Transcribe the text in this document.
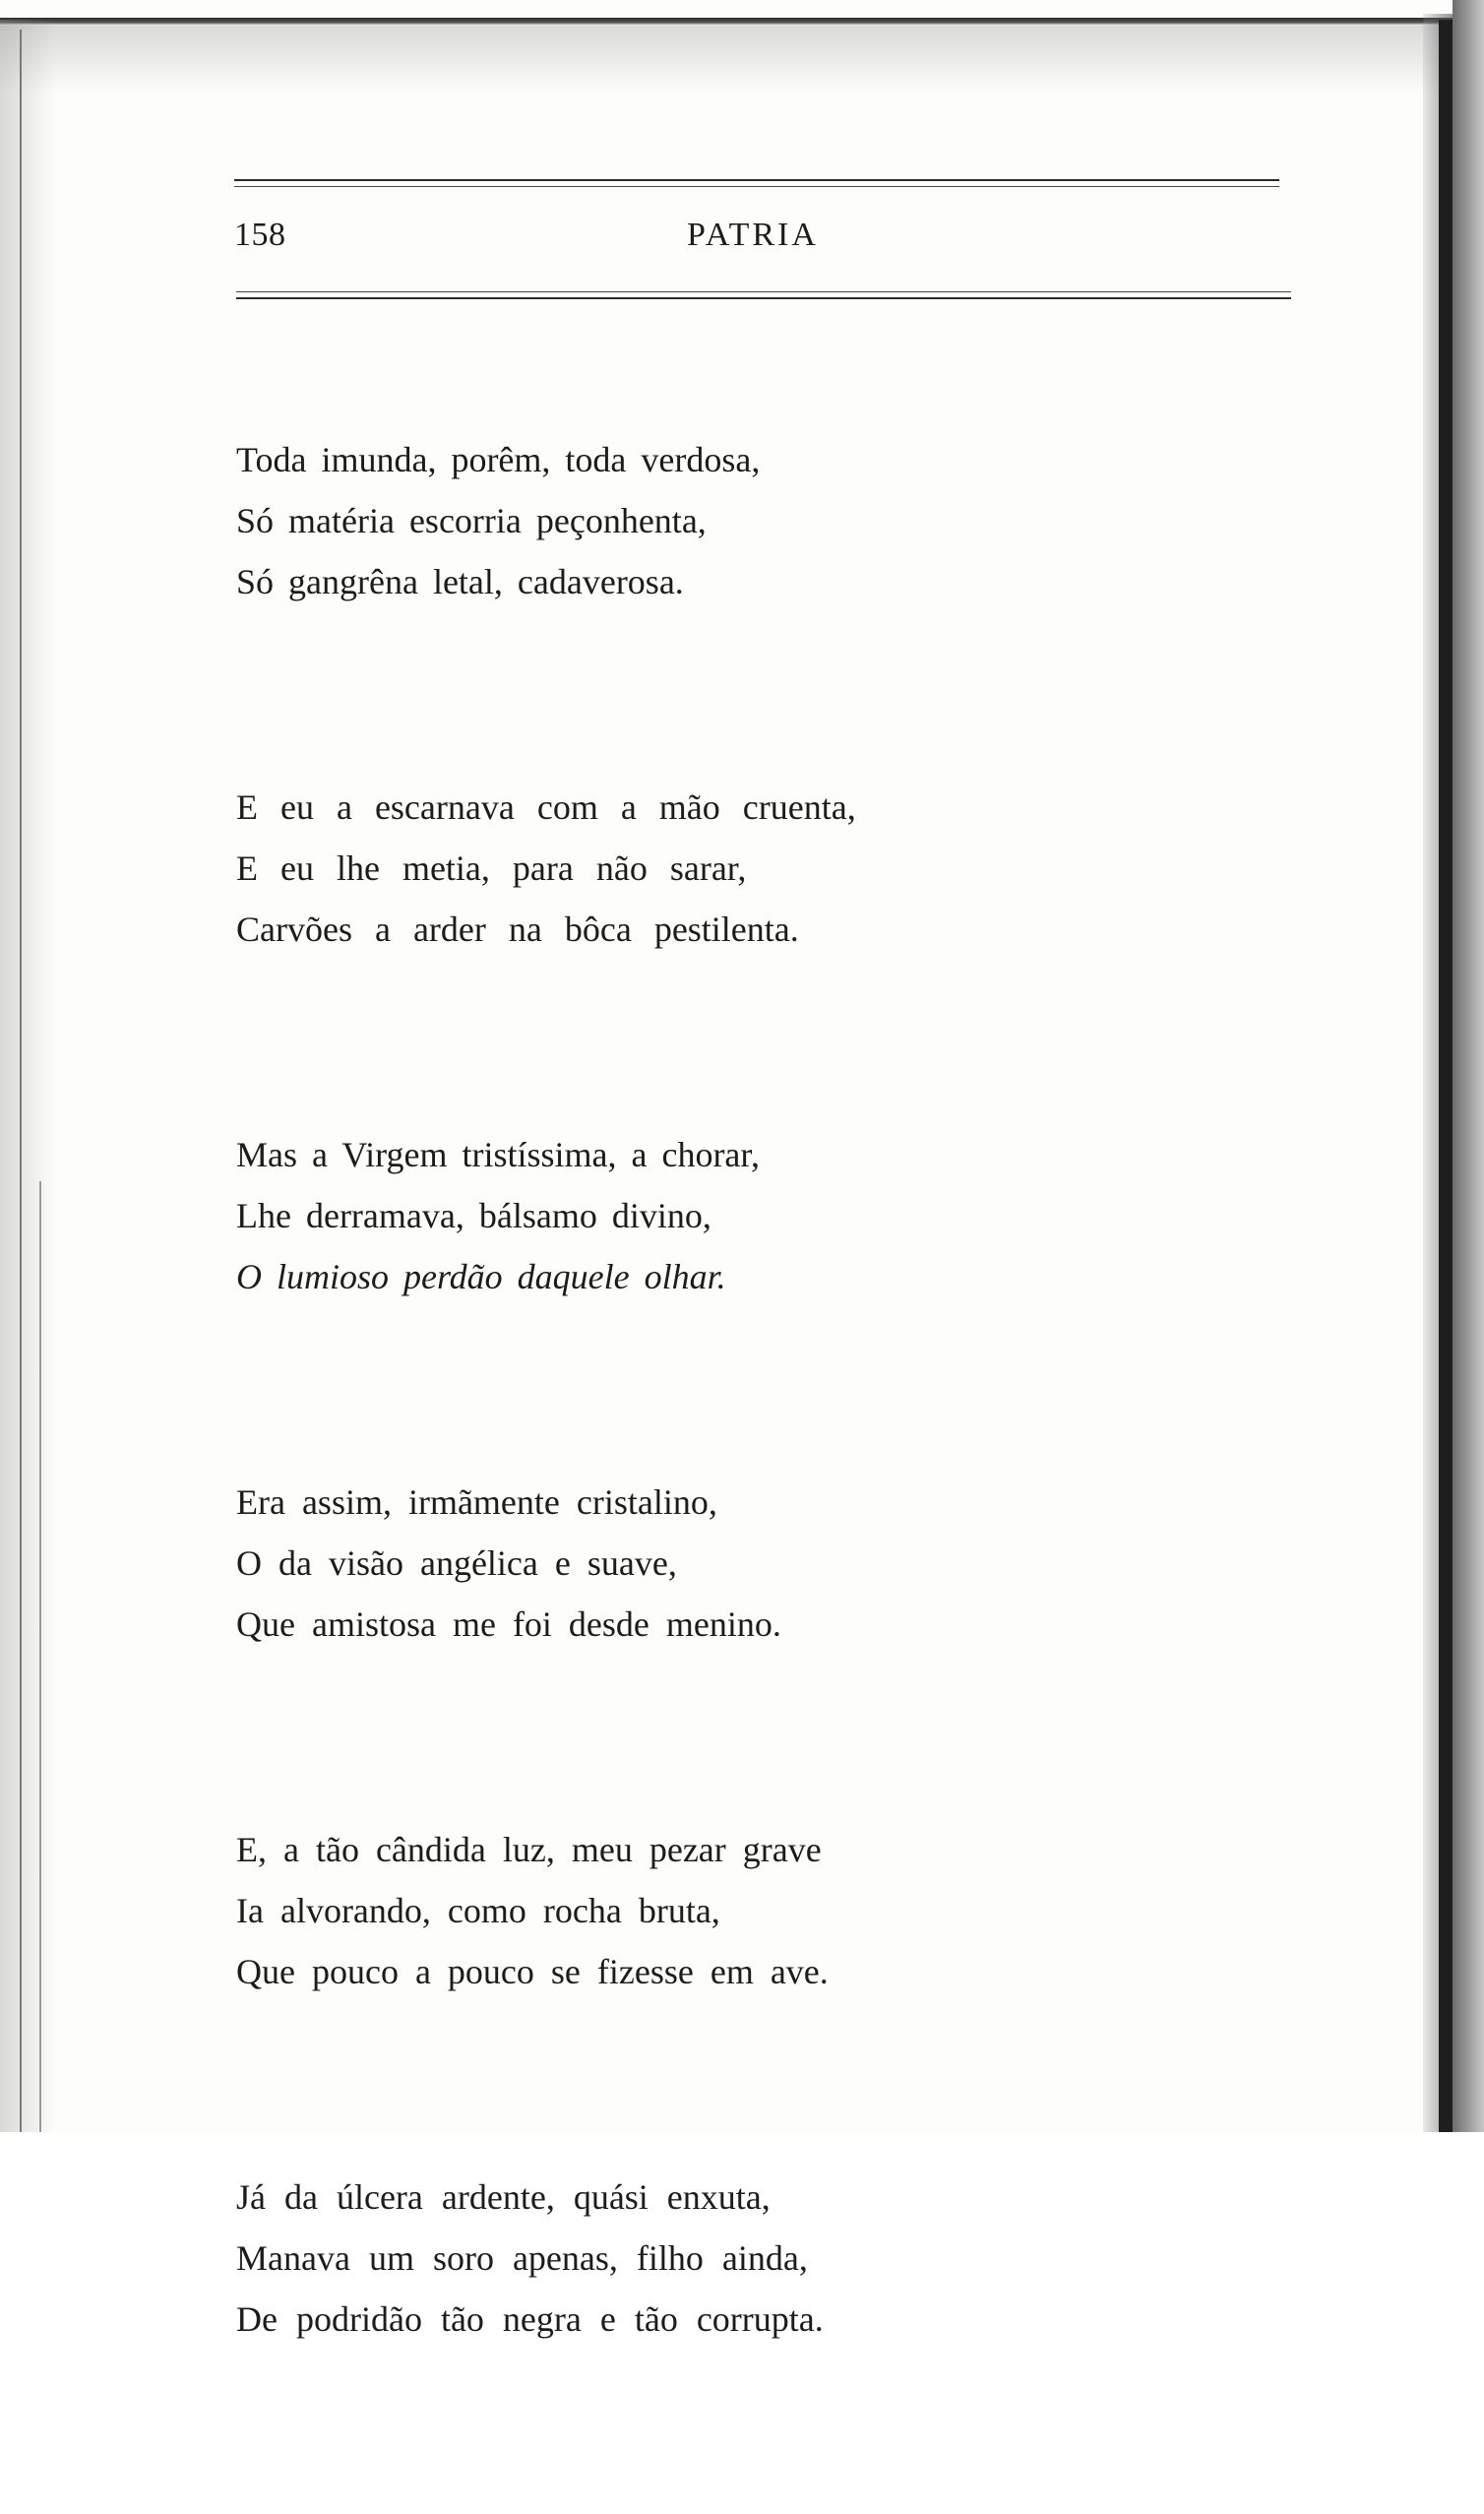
158	PATRIA
Toda imunda, porêm, toda verdosa,
Só matéria escorria peçonhenta,
Só gangrêna letal, cadaverosa.
E eu a escarnava com a mão cruenta,
E eu lhe metia, para não sarar,
Carvões a arder na bôca pestilenta.
Mas a Virgem tristíssima, a chorar,
Lhe derramava, bálsamo divino,
O lumioso perdão daquele olhar.
Era assim, irmãmente cristalino,
O da visão angélica e suave,
Que amistosa me foi desde menino.
E, a tão cândida luz, meu pezar grave
Ia alvorando, como rocha bruta,
Que pouco a pouco se fizesse em ave.
Já da úlcera ardente, quási enxuta,
Manava um soro apenas, filho ainda,
De podridão tão negra e tão corrupta.
